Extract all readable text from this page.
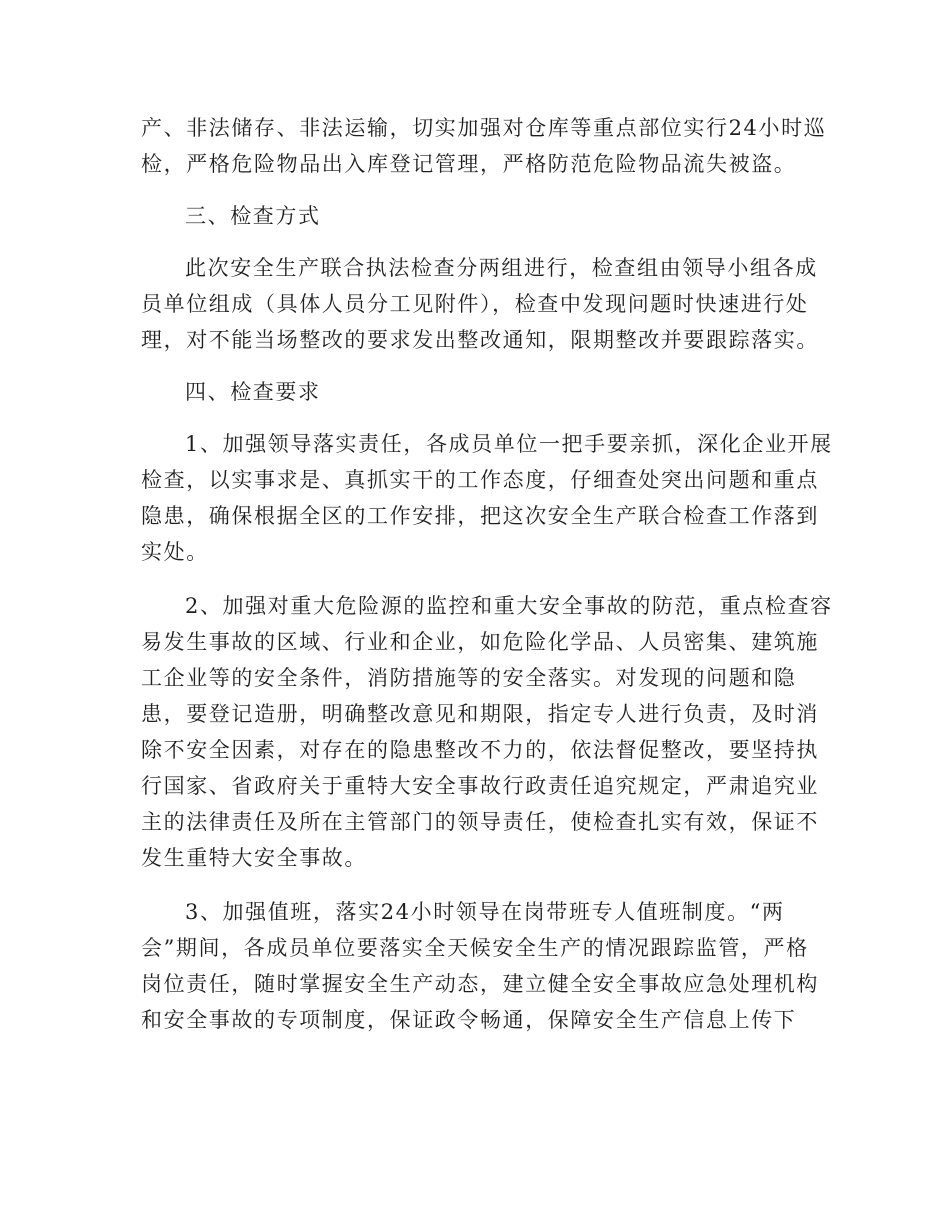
产、非法储存、非法运输，切实加强对仓库等重点部位实行24小时巡
检，严格危险物品出入库登记管理，严格防范危险物品流失被盗。
三、检查方式
此次安全生产联合执法检查分两组进行，检查组由领导小组各成
员单位组成（具体人员分工见附件），检查中发现问题时快速进行处
理，对不能当场整改的要求发出整改通知，限期整改并要跟踪落实。
四、检查要求
1、加强领导落实责任，各成员单位一把手要亲抓，深化企业开展
检查，以实事求是、真抓实干的工作态度，仔细查处突出问题和重点
隐患，确保根据全区的工作安排，把这次安全生产联合检查工作落到
实处。
2、加强对重大危险源的监控和重大安全事故的防范，重点检查容
易发生事故的区域、行业和企业，如危险化学品、人员密集、建筑施
工企业等的安全条件，消防措施等的安全落实。对发现的问题和隐
患，要登记造册，明确整改意见和期限，指定专人进行负责，及时消
除不安全因素，对存在的隐患整改不力的，依法督促整改，要坚持执
行国家、省政府关于重特大安全事故行政责任追究规定，严肃追究业
主的法律责任及所在主管部门的领导责任，使检查扎实有效，保证不
发生重特大安全事故。
3、加强值班，落实24小时领导在岗带班专人值班制度。“两
会”期间，各成员单位要落实全天候安全生产的情况跟踪监管，严格
岗位责任，随时掌握安全生产动态，建立健全安全事故应急处理机构
和安全事故的专项制度，保证政令畅通，保障安全生产信息上传下
